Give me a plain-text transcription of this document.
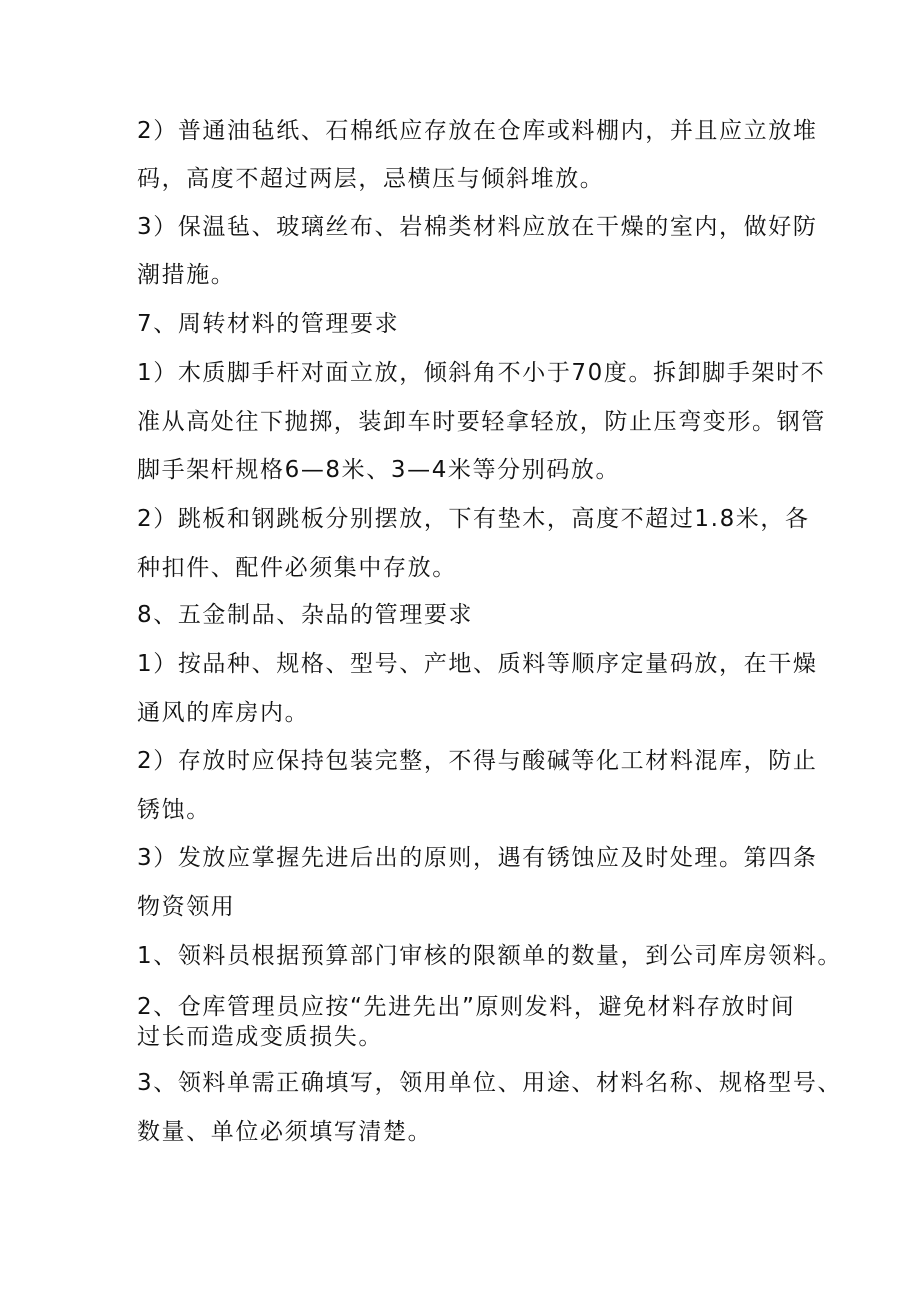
2）普通油毡纸、石棉纸应存放在仓库或料棚内，并且应立放堆
码，高度不超过两层，忌横压与倾斜堆放。
3）保温毡、玻璃丝布、岩棉类材料应放在干燥的室内，做好防
潮措施。
7、周转材料的管理要求
1）木质脚手杆对面立放，倾斜角不小于70度。拆卸脚手架时不
准从高处往下抛掷，装卸车时要轻拿轻放，防止压弯变形。钢管
脚手架杆规格6—8米、3—4米等分别码放。
2）跳板和钢跳板分别摆放，下有垫木，高度不超过1.8米，各
种扣件、配件必须集中存放。
8、五金制品、杂品的管理要求
1）按品种、规格、型号、产地、质料等顺序定量码放，在干燥
通风的库房内。
2）存放时应保持包装完整，不得与酸碱等化工材料混库，防止
锈蚀。
3）发放应掌握先进后出的原则，遇有锈蚀应及时处理。第四条
物资领用
1、领料员根据预算部门审核的限额单的数量，到公司库房领料。
2、仓库管理员应按“先进先出”原则发料，避免材料存放时间
过长而造成变质损失。
3、领料单需正确填写，领用单位、用途、材料名称、规格型号、
数量、单位必须填写清楚。
